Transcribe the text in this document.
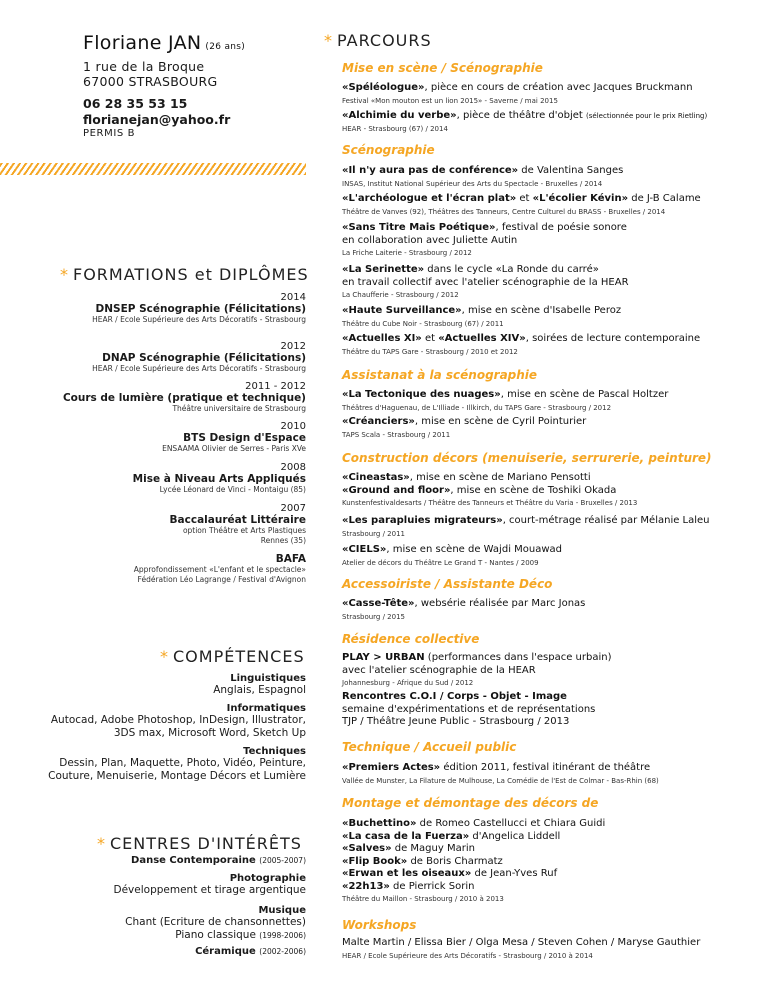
Floriane JAN (26 ans)
1 rue de la Broque
67000 STRASBOURG
06 28 35 53 15
florianejan@yahoo.fr
PERMIS B
* FORMATIONS et DIPLÔMES
2014
DNSEP Scénographie (Félicitations)
HEAR / Ecole Supérieure des Arts Décoratifs - Strasbourg
2012
DNAP Scénographie (Félicitations)
HEAR / Ecole Supérieure des Arts Décoratifs - Strasbourg
2011 - 2012
Cours de lumière (pratique et technique)
Théâtre universitaire de Strasbourg
2010
BTS Design d'Espace
ENSAAMA Olivier de Serres - Paris XVe
2008
Mise à Niveau Arts Appliqués
Lycée Léonard de Vinci - Montaigu (85)
2007
Baccalauréat Littéraire
option Théâtre et Arts Plastiques
Rennes (35)
BAFA
Approfondissement «L'enfant et le spectacle»
Fédération Léo Lagrange / Festival d'Avignon
* COMPÉTENCES
Linguistiques
Anglais, Espagnol
Informatiques
Autocad, Adobe Photoshop, InDesign, Illustrator,
3DS max, Microsoft Word, Sketch Up
Techniques
Dessin, Plan, Maquette, Photo, Vidéo, Peinture,
Couture, Menuiserie, Montage Décors et Lumière
* CENTRES D'INTÉRÊTS
Danse Contemporaine (2005-2007)
Photographie
Développement et tirage argentique
Musique
Chant (Ecriture de chansonnettes)
Piano classique (1998-2006)
Céramique (2002-2006)
* PARCOURS
Mise en scène / Scénographie
«Spéléologue», pièce en cours de création avec Jacques Bruckmann
Festival «Mon mouton est un lion 2015» - Saverne / mai 2015
«Alchimie du verbe», pièce de théâtre d'objet (sélectionnée pour le prix Rietling)
HEAR - Strasbourg (67) / 2014
Scénographie
«Il n'y aura pas de conférence» de Valentina Sanges
INSAS, Institut National Supérieur des Arts du Spectacle - Bruxelles / 2014
«L'archéologue et l'écran plat» et «L'écolier Kévin» de J-B Calame
Théâtre de Vanves (92), Théâtres des Tanneurs, Centre Culturel du BRASS - Bruxelles / 2014
«Sans Titre Mais Poétique», festival de poésie sonore
en collaboration avec Juliette Autin
La Friche Laiterie - Strasbourg / 2012
«La Serinette» dans le cycle «La Ronde du carré»
en travail collectif avec l'atelier scénographie de la HEAR
La Chaufferie - Strasbourg / 2012
«Haute Surveillance», mise en scène d'Isabelle Peroz
Théâtre du Cube Noir - Strasbourg (67) / 2011
«Actuelles XI» et «Actuelles XIV», soirées de lecture contemporaine
Théâtre du TAPS Gare - Strasbourg / 2010 et 2012
Assistanat à la scénographie
«La Tectonique des nuages», mise en scène de Pascal Holtzer
Théâtres d'Haguenau, de L'Illiade - Illkirch, du TAPS Gare - Strasbourg / 2012
«Créanciers», mise en scène de Cyril Pointurier
TAPS Scala - Strasbourg / 2011
Construction décors (menuiserie, serrurerie, peinture)
«Cineastas», mise en scène de Mariano Pensotti
«Ground and floor», mise en scène de Toshiki Okada
Kunstenfestivaldesarts / Théâtre des Tanneurs et Théâtre du Varia - Bruxelles / 2013
«Les parapluies migrateurs», court-métrage réalisé par Mélanie Laleu
Strasbourg / 2011
«CIELS», mise en scène de Wajdi Mouawad
Atelier de décors du Théâtre Le Grand T - Nantes / 2009
Accessoiriste / Assistante Déco
«Casse-Tête», websérie réalisée par Marc Jonas
Strasbourg / 2015
Résidence collective
PLAY > URBAN (performances dans l'espace urbain)
avec l'atelier scénographie de la HEAR
Johannesburg - Afrique du Sud / 2012
Rencontres C.O.I / Corps - Objet - Image
semaine d'expérimentations et de représentations
TJP / Théâtre Jeune Public - Strasbourg / 2013
Technique / Accueil public
«Premiers Actes» édition 2011, festival itinérant de théâtre
Vallée de Munster, La Filature de Mulhouse, La Comédie de l'Est de Colmar - Bas-Rhin (68)
Montage et démontage des décors de
«Buchettino» de Romeo Castellucci et Chiara Guidi
«La casa de la Fuerza» d'Angelica Liddell
«Salves» de Maguy Marin
«Flip Book» de Boris Charmatz
«Erwan et les oiseaux» de Jean-Yves Ruf
«22h13» de Pierrick Sorin
Théâtre du Maillon - Strasbourg / 2010 à 2013
Workshops
Malte Martin / Elissa Bier / Olga Mesa / Steven Cohen / Maryse Gauthier
HEAR / Ecole Supérieure des Arts Décoratifs - Strasbourg / 2010 à 2014
